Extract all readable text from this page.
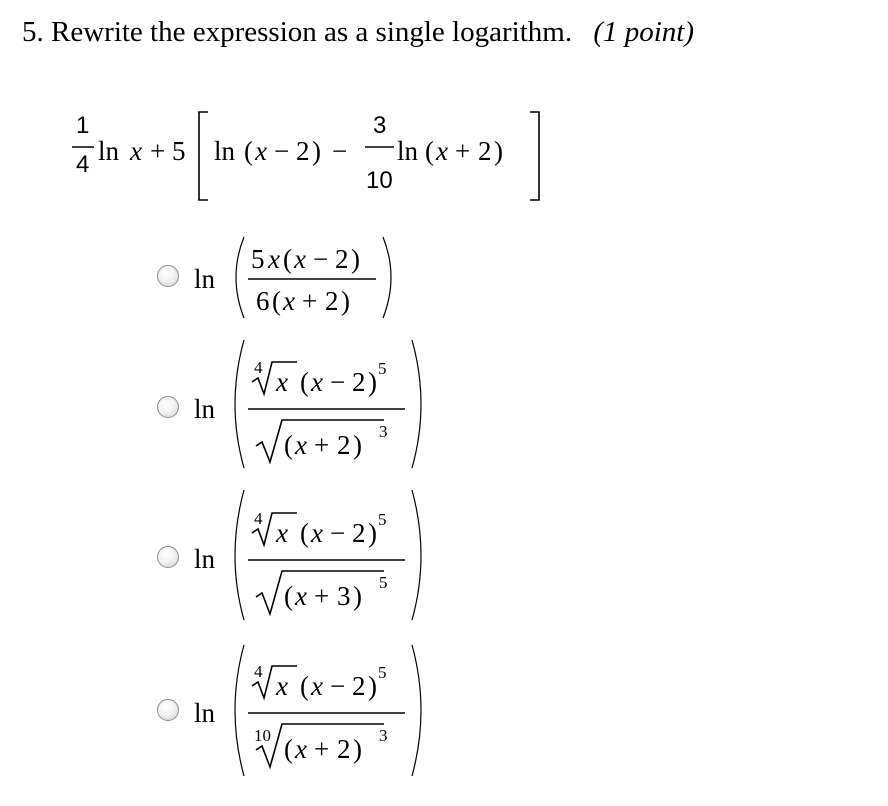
5. Rewrite the expression as a single logarithm. (1 point)
1
4 ln x + 5 ln ( x − 2 ) −
3
10
ln ( x + 2 )
ln
5 x ( x − 2 )
6 ( x + 2 )
ln
4 x ( x − 2 ) 5
( x + 2 ) 3
ln
4 x ( x − 2 ) 5
( x + 3 ) 5
ln
4 x ( x − 2 ) 5
10 ( x + 2 ) 3
